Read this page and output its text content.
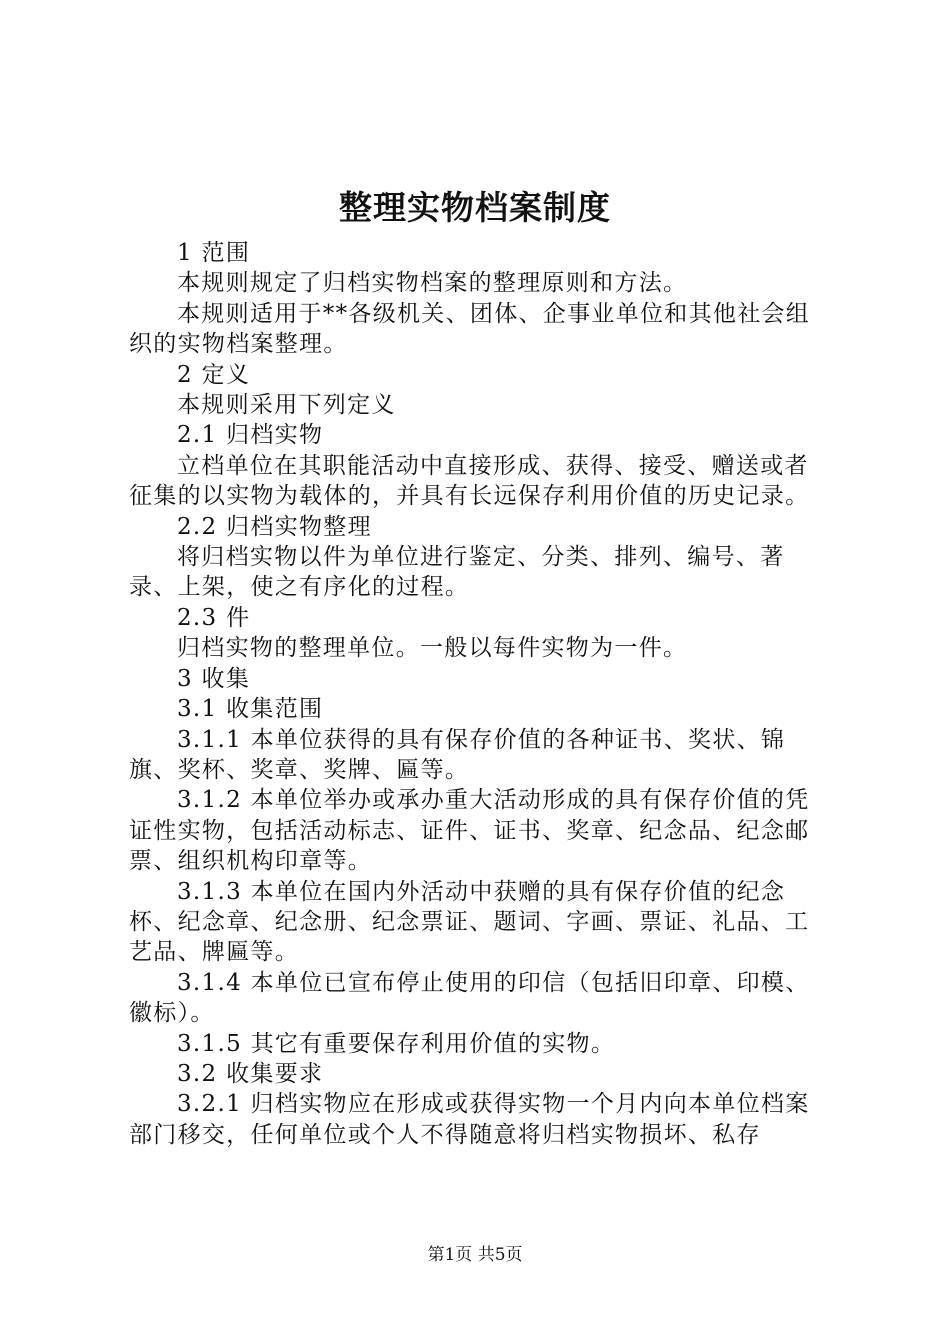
整理实物档案制度

1 范围

本规则规定了归档实物档案的整理原则和方法。

本规则适用于**各级机关、团体、企事业单位和其他社会组织的实物档案整理。

2 定义

本规则采用下列定义

2.1 归档实物

立档单位在其职能活动中直接形成、获得、接受、赠送或者征集的以实物为载体的，并具有长远保存利用价值的历史记录。

2.2 归档实物整理

将归档实物以件为单位进行鉴定、分类、排列、编号、著录、上架，使之有序化的过程。

2.3 件

归档实物的整理单位。一般以每件实物为一件。

3 收集

3.1 收集范围

3.1.1 本单位获得的具有保存价值的各种证书、奖状、锦旗、奖杯、奖章、奖牌、匾等。

3.1.2 本单位举办或承办重大活动形成的具有保存价值的凭证性实物，包括活动标志、证件、证书、奖章、纪念品、纪念邮票、组织机构印章等。

3.1.3 本单位在国内外活动中获赠的具有保存价值的纪念杯、纪念章、纪念册、纪念票证、题词、字画、票证、礼品、工艺品、牌匾等。

3.1.4 本单位已宣布停止使用的印信（包括旧印章、印模、徽标）。

3.1.5 其它有重要保存利用价值的实物。

3.2 收集要求

3.2.1 归档实物应在形成或获得实物一个月内向本单位档案部门移交，任何单位或个人不得随意将归档实物损坏、私存

第1页 共5页
